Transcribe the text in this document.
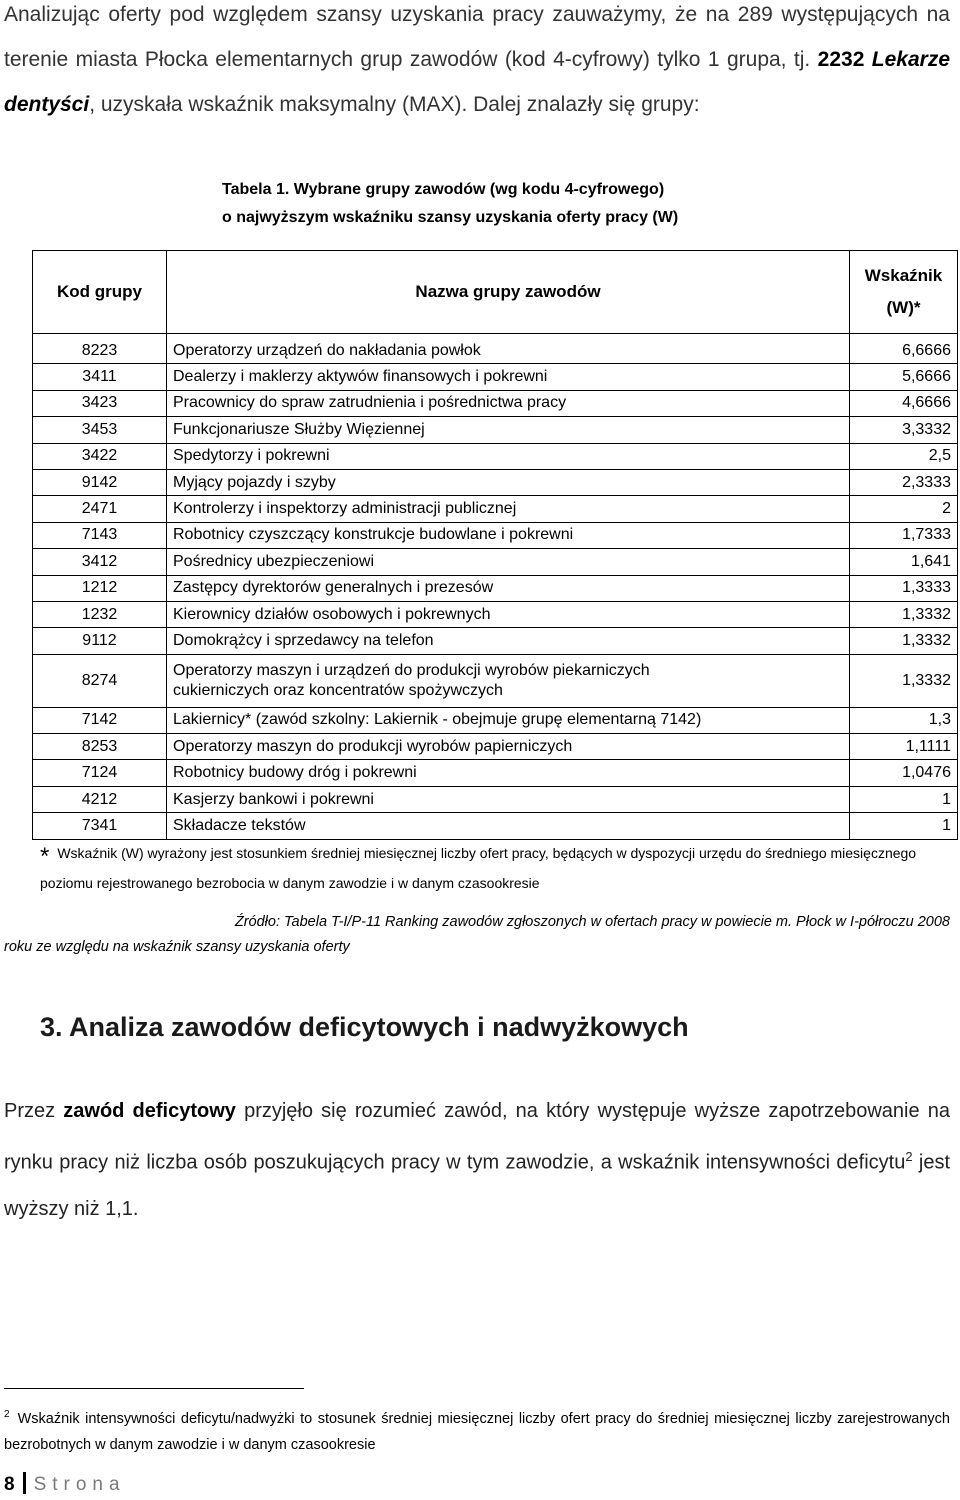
Analizując oferty pod względem szansy uzyskania pracy zauważymy, że na 289 występujących na terenie miasta Płocka elementarnych grup zawodów (kod 4-cyfrowy) tylko 1 grupa, tj. 2232 Lekarze dentyści, uzyskała wskaźnik maksymalny (MAX). Dalej znalazły się grupy:

Tabela 1. Wybrane grupy zawodów (wg kodu 4-cyfrowego)
o najwyższym wskaźniku szansy uzyskania oferty pracy (W)
Kod grupy	Nazwa grupy zawodów	Wskaźnik
(W)*

8223	Operatorzy urządzeń do nakładania powłok	6,6666
3411	Dealerzy i maklerzy aktywów finansowych i pokrewni	5,6666
3423	Pracownicy do spraw zatrudnienia i pośrednictwa pracy	4,6666
3453	Funkcjonariusze Służby Więziennej	3,3332
3422	Spedytorzy i pokrewni	2,5
9142	Myjący pojazdy i szyby	2,3333
2471	Kontrolerzy i inspektorzy administracji publicznej	2
7143	Robotnicy czyszczący konstrukcje budowlane i pokrewni	1,7333
3412	Pośrednicy ubezpieczeniowi	1,641
1212	Zastępcy dyrektorów generalnych i prezesów	1,3333
1232	Kierownicy działów osobowych i pokrewnych	1,3332
9112	Domokrążcy i sprzedawcy na telefon	1,3332
8274	Operatorzy maszyn i urządzeń do produkcji wyrobów piekarniczych
cukierniczych oraz koncentratów spożywczych	1,3332
7142	Lakiernicy* (zawód szkolny: Lakiernik - obejmuje grupę elementarną 7142)	1,3
8253	Operatorzy maszyn do produkcji wyrobów papierniczych	1,1111
7124	Robotnicy budowy dróg i pokrewni	1,0476
4212	Kasjerzy bankowi i pokrewni	1
7341	Składacze tekstów	1
* Wskaźnik (W) wyrażony jest stosunkiem średniej miesięcznej liczby ofert pracy, będących w dyspozycji urzędu do średniego miesięcznego poziomu rejestrowanego bezrobocia w danym zawodzie i w danym czasookresie
Źródło: Tabela T-I/P-11 Ranking zawodów zgłoszonych w ofertach pracy w powiecie m. Płock w I-półroczu 2008
roku ze względu na wskaźnik szansy uzyskania oferty
3. Analiza zawodów deficytowych i nadwyżkowych

Przez zawód deficytowy przyjęło się rozumieć zawód, na który występuje wyższe zapotrzebowanie na rynku pracy niż liczba osób poszukujących pracy w tym zawodzie, a wskaźnik intensywności deficytu$^2$ jest wyższy niż 1,1.

$^2$ Wskaźnik intensywności deficytu/nadwyżki to stosunek średniej miesięcznej liczby ofert pracy do średniej miesięcznej liczby zarejestrowanych bezrobotnych w danym zawodzie i w danym czasookresie

8 Strona
